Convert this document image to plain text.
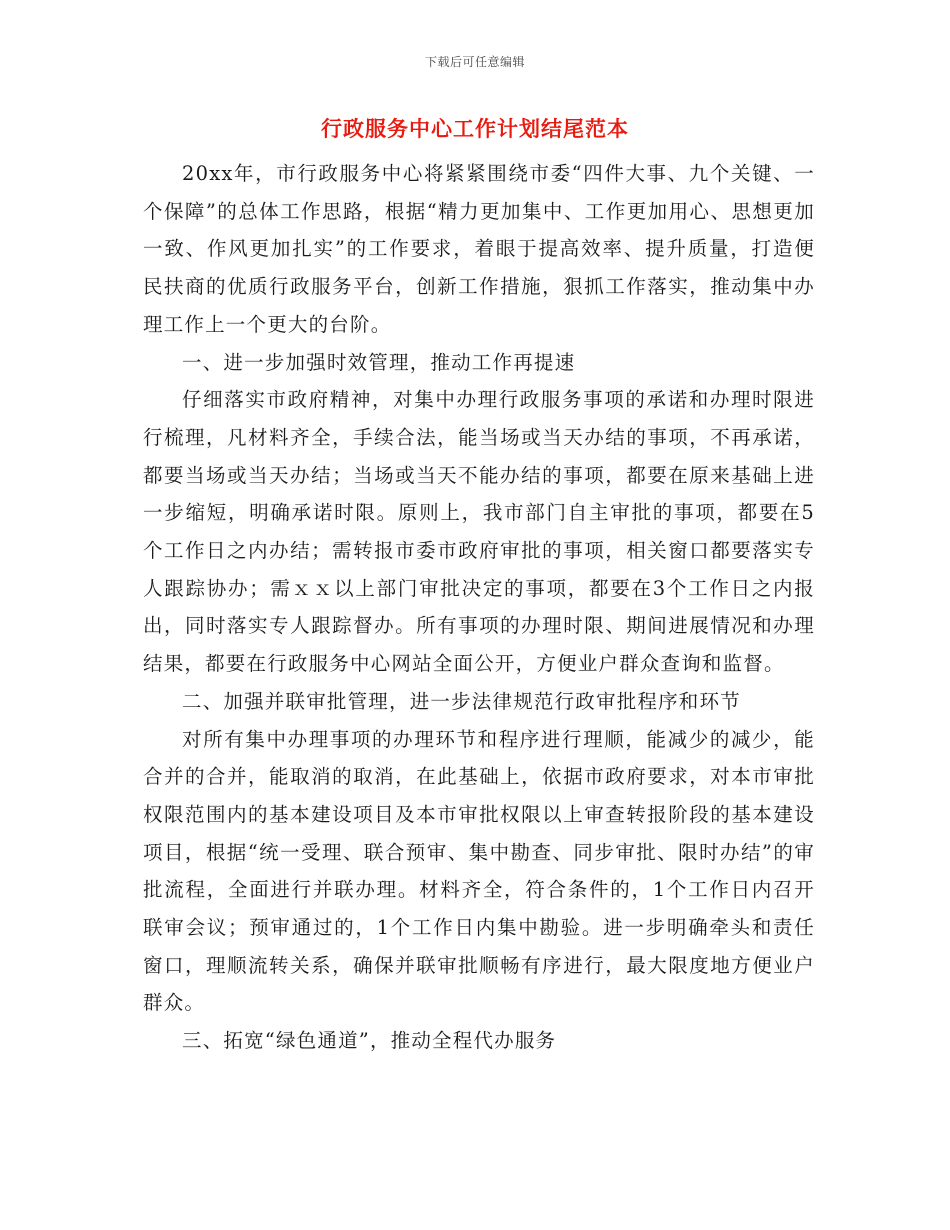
下载后可任意编辑
行政服务中心工作计划结尾范本

20xx年，市行政服务中心将紧紧围绕市委“四件大事、九个关键、一个保障”的总体工作思路，根据“精力更加集中、工作更加用心、思想更加一致、作风更加扎实”的工作要求，着眼于提高效率、提升质量，打造便民扶商的优质行政服务平台，创新工作措施，狠抓工作落实，推动集中办理工作上一个更大的台阶。

一、进一步加强时效管理，推动工作再提速

仔细落实市政府精神，对集中办理行政服务事项的承诺和办理时限进行梳理，凡材料齐全，手续合法，能当场或当天办结的事项，不再承诺，都要当场或当天办结；当场或当天不能办结的事项，都要在原来基础上进一步缩短，明确承诺时限。原则上，我市部门自主审批的事项，都要在5个工作日之内办结；需转报市委市政府审批的事项，相关窗口都要落实专人跟踪协办；需ｘｘ以上部门审批决定的事项，都要在3个工作日之内报出，同时落实专人跟踪督办。所有事项的办理时限、期间进展情况和办理结果，都要在行政服务中心网站全面公开，方便业户群众查询和监督。

二、加强并联审批管理，进一步法律规范行政审批程序和环节

对所有集中办理事项的办理环节和程序进行理顺，能减少的减少，能合并的合并，能取消的取消，在此基础上，依据市政府要求，对本市审批权限范围内的基本建设项目及本市审批权限以上审查转报阶段的基本建设项目，根据“统一受理、联合预审、集中勘查、同步审批、限时办结”的审批流程，全面进行并联办理。材料齐全，符合条件的，1个工作日内召开联审会议；预审通过的，1个工作日内集中勘验。进一步明确牵头和责任窗口，理顺流转关系，确保并联审批顺畅有序进行，最大限度地方便业户群众。

三、拓宽“绿色通道”，推动全程代办服务
